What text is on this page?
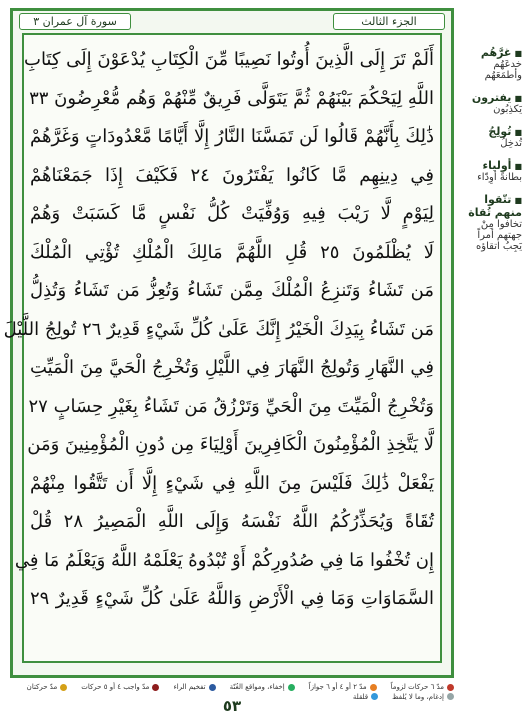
الجزء الثالث
سورة آل عمران ٣
أَلَمْ تَرَ إِلَى الَّذِينَ أُوتُوا نَصِيبًا مِّنَ الْكِتَابِ يُدْعَوْنَ إِلَى كِتَابِ
اللَّهِ لِيَحْكُمَ بَيْنَهُمْ ثُمَّ يَتَوَلَّى فَرِيقٌ مِّنْهُمْ وَهُم مُّعْرِضُونَ ٣٣
ذَٰلِكَ بِأَنَّهُمْ قَالُوا لَن تَمَسَّنَا النَّارُ إِلَّا أَيَّامًا مَّعْدُودَاتٍ وَغَرَّهُمْ
فِي دِينِهِم مَّا كَانُوا يَفْتَرُونَ ٢٤ فَكَيْفَ إِذَا جَمَعْنَاهُمْ
لِيَوْمٍ لَّا رَيْبَ فِيهِ وَوُفِّيَتْ كُلُّ نَفْسٍ مَّا كَسَبَتْ وَهُمْ
لَا يُظْلَمُونَ ٢٥ قُلِ اللَّهُمَّ مَالِكَ الْمُلْكِ تُؤْتِي الْمُلْكَ
مَن تَشَاءُ وَتَنزِعُ الْمُلْكَ مِمَّن تَشَاءُ وَتُعِزُّ مَن تَشَاءُ وَتُذِلُّ
مَن تَشَاءُ بِيَدِكَ الْخَيْرُ إِنَّكَ عَلَىٰ كُلِّ شَيْءٍ قَدِيرٌ ٢٦ تُولِجُ اللَّيْلَ
فِي النَّهَارِ وَتُولِجُ النَّهَارَ فِي اللَّيْلِ وَتُخْرِجُ الْحَيَّ مِنَ الْمَيِّتِ
وَتُخْرِجُ الْمَيِّتَ مِنَ الْحَيِّ وَتَرْزُقُ مَن تَشَاءُ بِغَيْرِ حِسَابٍ ٢٧
لَّا يَتَّخِذِ الْمُؤْمِنُونَ الْكَافِرِينَ أَوْلِيَاءَ مِن دُونِ الْمُؤْمِنِينَ وَمَن
يَفْعَلْ ذَٰلِكَ فَلَيْسَ مِنَ اللَّهِ فِي شَيْءٍ إِلَّا أَن تَتَّقُوا مِنْهُمْ
تُقَاةً وَيُحَذِّرُكُمُ اللَّهُ نَفْسَهُ وَإِلَى اللَّهِ الْمَصِيرُ ٢٨ قُلْ
إِن تُخْفُوا مَا فِي صُدُورِكُمْ أَوْ تُبْدُوهُ يَعْلَمْهُ اللَّهُ وَيَعْلَمُ مَا فِي
السَّمَاوَاتِ وَمَا فِي الْأَرْضِ وَاللَّهُ عَلَىٰ كُلِّ شَيْءٍ قَدِيرٌ ٢٩
■ غرَّهُم
خدعَهُم وأطمَعَهُم
■ يفترون
يَكذِبُون
■ تُولِجُ
تُدخِلُ
■ أولياء
بطانةً أوِدّاء
■ تتّقوا منهم تُقاة
تخافوا مِنْ جهتهم أمراً يَجِبُ اتقاؤه
مدّ ٦ حركات لزوماً
مدّ ٢ أو ٤ أو ٦ جوازاً
إخفاء، ومواقع الغُنّة
تفخيم الراء
مدّ واجب ٤ أو ٥ حركات
مدّ حركتان
إدغام، وما لا يُلفظ
قلقلة
٥٣
